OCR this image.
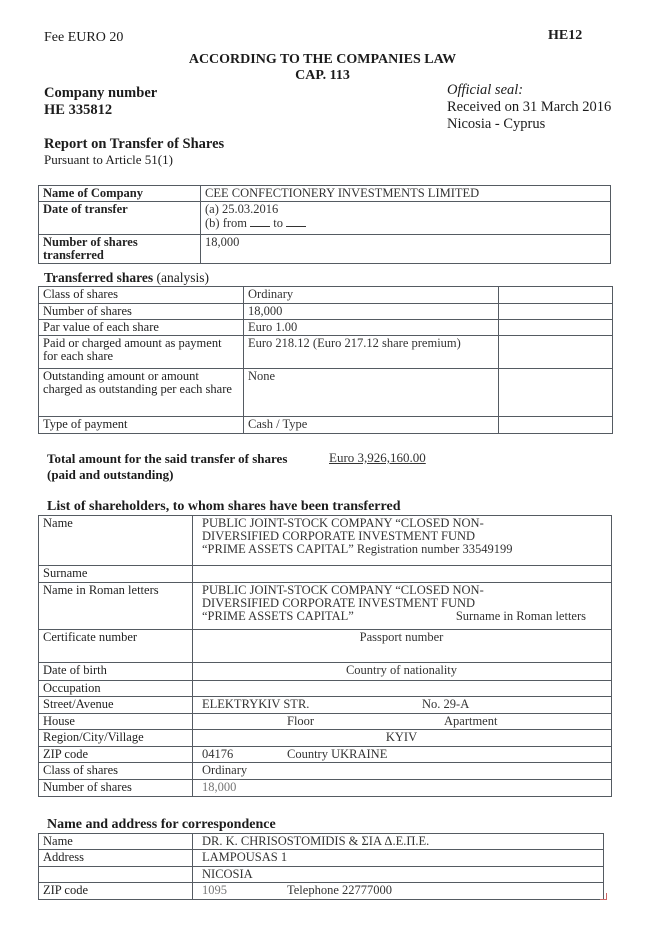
Fee EURO 20	HE12
ACCORDING TO THE COMPANIES LAW
CAP. 113
Company number
HE 335812
Official seal:
Received on 31 March 2016
Nicosia - Cyprus
Report on Transfer of Shares
Pursuant to Article 51(1)
Name of Company	CEE CONFECTIONERY INVESTMENTS LIMITED
Date of transfer	(a) 25.03.2016
(b) from to

Number of shares transferred	18,000
Transferred shares (analysis)
Class of shares	Ordinary	
Number of shares	18,000	
Par value of each share	Euro 1.00	
Paid or charged amount as payment for each share	Euro 218.12 (Euro 217.12 share premium)	
Outstanding amount or amount charged as outstanding per each share	None	
Type of payment	Cash / Type	
Total amount for the said transfer of shares
(paid and outstanding)
Euro 3,926,160.00
List of shareholders, to whom shares have been transferred
Name	PUBLIC JOINT-STOCK COMPANY “CLOSED NON-
DIVERSIFIED CORPORATE INVESTMENT FUND
“PRIME ASSETS CAPITAL” Registration number 33549199

Surname	
Name in Roman letters	PUBLIC JOINT-STOCK COMPANY “CLOSED NON-
DIVERSIFIED CORPORATE INVESTMENT FUND
“PRIME ASSETS CAPITAL” Surname in Roman letters

Certificate number	Passport number
Date of birth	Country of nationality
Occupation	
Street/Avenue	ELEKTRYKIV STR. No. 29-A
House	Floor Apartment
Region/City/Village	KYIV
ZIP code	04176 Country UKRAINE
Class of shares	Ordinary
Number of shares	18,000
Name and address for correspondence
Name	DR. K. CHRISOSTOMIDIS & ΣIA Δ.E.Π.E.
Address	LAMPOUSAS 1
	NICOSIA
ZIP code	1095 Telephone 22777000
